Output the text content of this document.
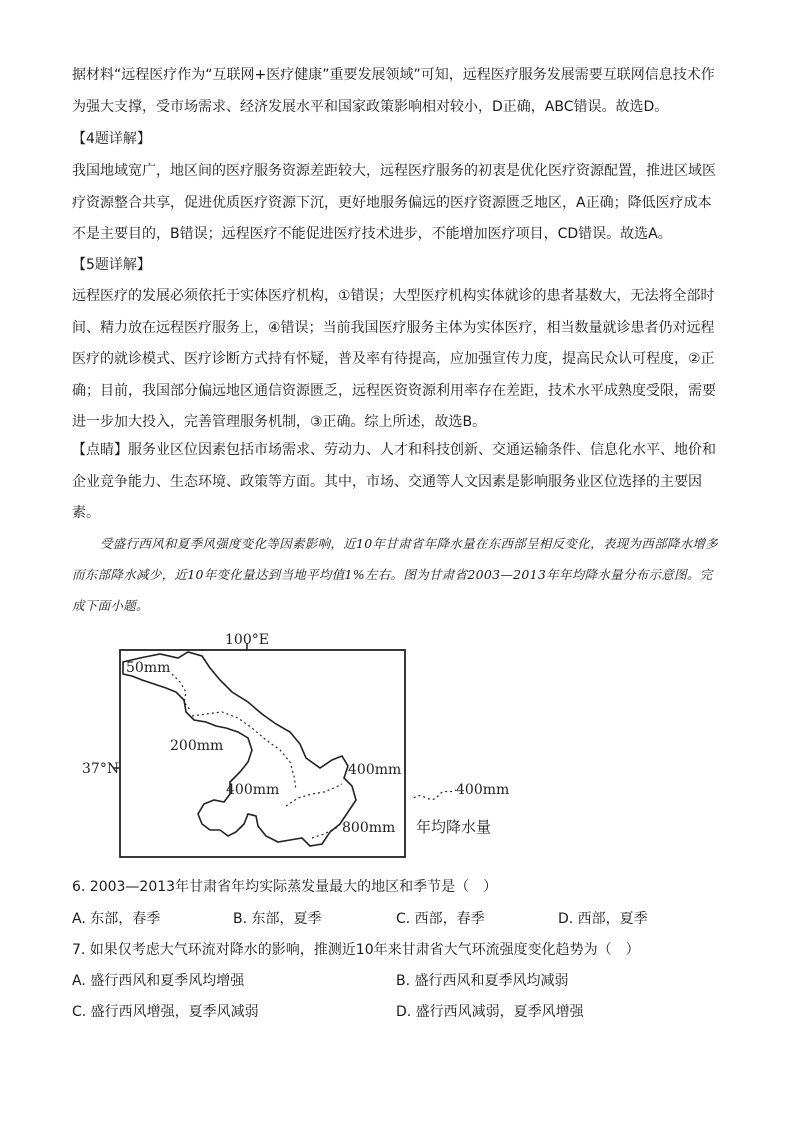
据材料“远程医疗作为“互联网+医疗健康”重要发展领域”可知，远程医疗服务发展需要互联网信息技术作为强大支撑，受市场需求、经济发展水平和国家政策影响相对较小，D正确，ABC错误。故选D。

【4题详解】

我国地域宽广，地区间的医疗服务资源差距较大，远程医疗服务的初衷是优化医疗资源配置，推进区域医疗资源整合共享，促进优质医疗资源下沉，更好地服务偏远的医疗资源匮乏地区，A正确；降低医疗成本不是主要目的，B错误；远程医疗不能促进医疗技术进步，不能增加医疗项目，CD错误。故选A。

【5题详解】

远程医疗的发展必须依托于实体医疗机构，①错误；大型医疗机构实体就诊的患者基数大，无法将全部时间、精力放在远程医疗服务上，④错误；当前我国医疗服务主体为实体医疗，相当数量就诊患者仍对远程医疗的就诊模式、医疗诊断方式持有怀疑，普及率有待提高，应加强宣传力度，提高民众认可程度，②正确；目前，我国部分偏远地区通信资源匮乏，远程医资资源利用率存在差距，技术水平成熟度受限，需要进一步加大投入，完善管理服务机制，③正确。综上所述，故选B。

【点睛】服务业区位因素包括市场需求、劳动力、人才和科技创新、交通运输条件、信息化水平、地价和企业竞争能力、生态环境、政策等方面。其中，市场、交通等人文因素是影响服务业区位选择的主要因素。

受盛行西风和夏季风强度变化等因素影响，近10年甘肃省年降水量在东西部呈相反变化，表现为西部降水增多而东部降水减少，近10年变化量达到当地平均值1%左右。图为甘肃省2003—2013年年均降水量分布示意图。完成下面小题。

100°E
37°N
50mm
200mm
400mm
400mm
800mm
400mm
年均降水量

6. 2003—2013年甘肃省年均实际蒸发量最大的地区和季节是（　）

A. 东部，春季	B. 东部，夏季	C. 西部，春季	D. 西部，夏季

7. 如果仅考虑大气环流对降水的影响，推测近10年来甘肃省大气环流强度变化趋势为（　）

A. 盛行西风和夏季风均增强	B. 盛行西风和夏季风均减弱

C. 盛行西风增强，夏季风减弱	D. 盛行西风减弱，夏季风增强
